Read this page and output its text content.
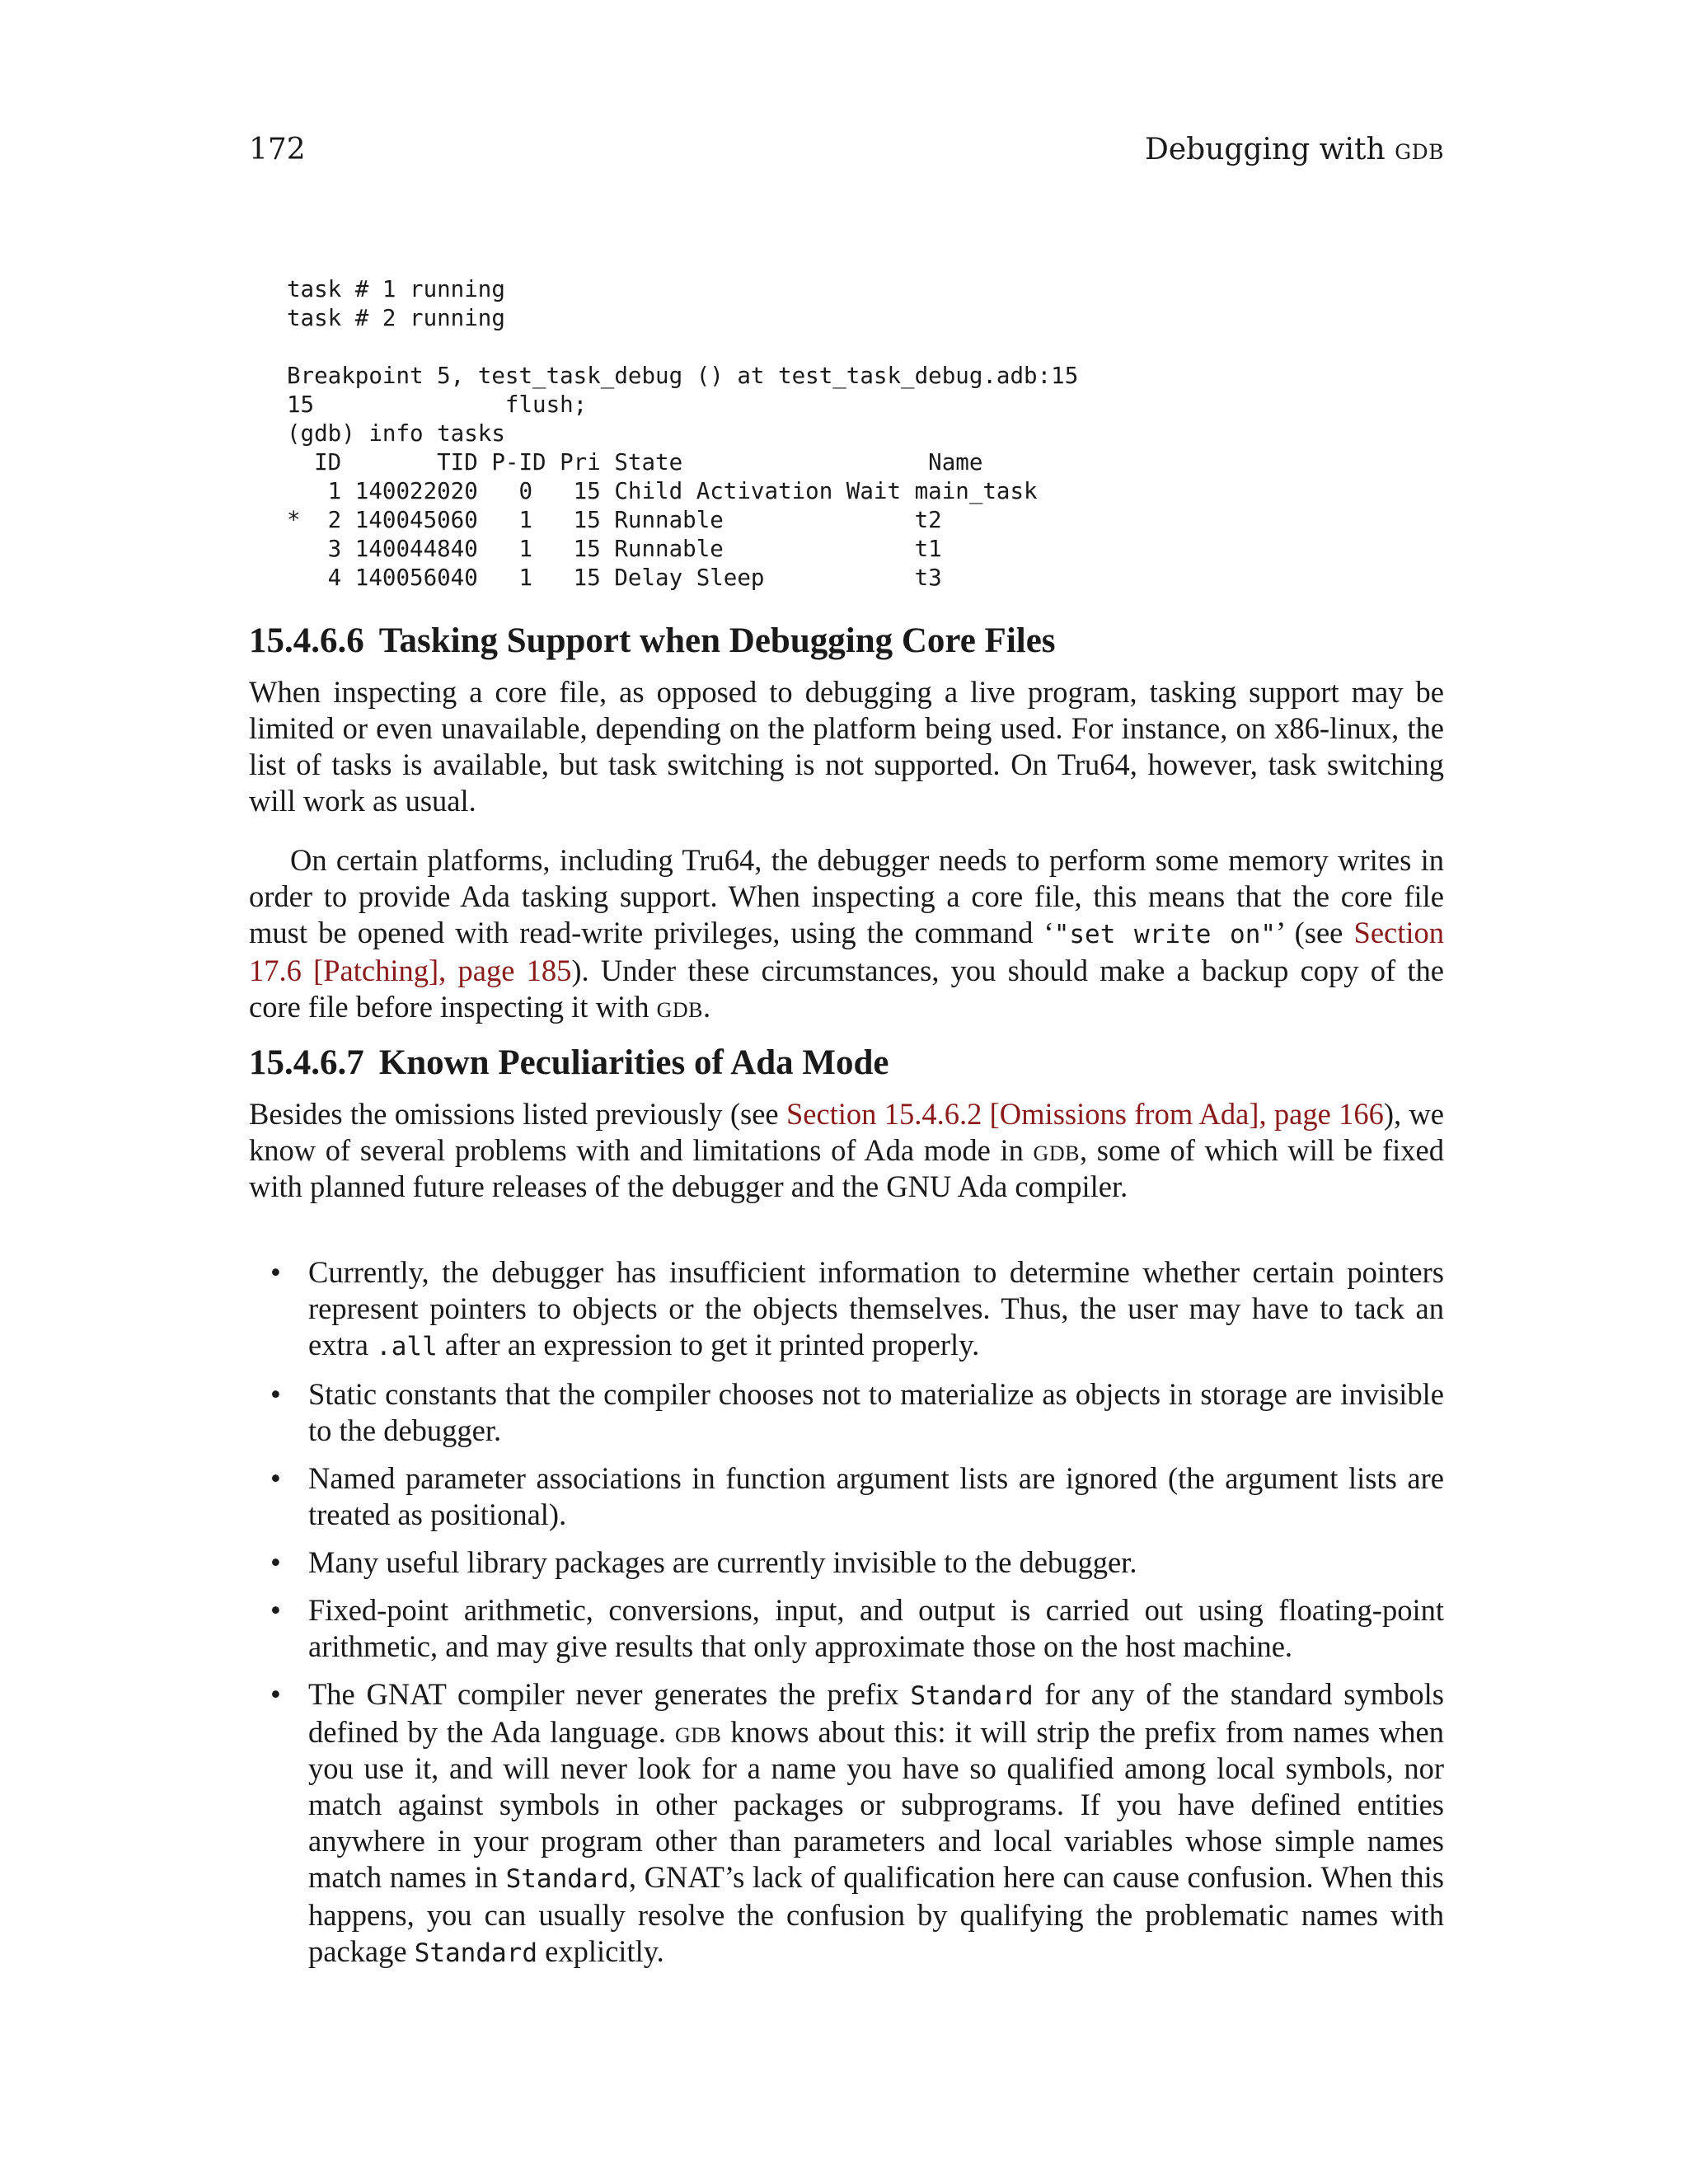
172	Debugging with gdb
task # 1 running
task # 2 running

Breakpoint 5, test_task_debug () at test_task_debug.adb:15
15              flush;
(gdb) info tasks
ID       TID P-ID Pri State                  Name
1 140022020   0   15 Child Activation Wait main_task
*  2 140045060   1   15 Runnable              t2
3 140044840   1   15 Runnable              t1
4 140056040   1   15 Delay Sleep           t3
15.4.6.6 Tasking Support when Debugging Core Files

When inspecting a core file, as opposed to debugging a live program, tasking support may be limited or even unavailable, depending on the platform being used. For instance, on x86-linux, the list of tasks is available, but task switching is not supported. On Tru64, however, task switching will work as usual.

On certain platforms, including Tru64, the debugger needs to perform some memory writes in order to provide Ada tasking support. When inspecting a core file, this means that the core file must be opened with read-write privileges, using the command ‘"set write on"’ (see Section 17.6 [Patching], page 185). Under these circumstances, you should make a backup copy of the core file before inspecting it with gdb.

15.4.6.7 Known Peculiarities of Ada Mode

Besides the omissions listed previously (see Section 15.4.6.2 [Omissions from Ada], page 166), we know of several problems with and limitations of Ada mode in gdb, some of which will be fixed with planned future releases of the debugger and the GNU Ada compiler.

• Currently, the debugger has insufficient information to determine whether certain pointers represent pointers to objects or the objects themselves. Thus, the user may have to tack an extra .all after an expression to get it printed properly.
• Static constants that the compiler chooses not to materialize as objects in storage are invisible to the debugger.
• Named parameter associations in function argument lists are ignored (the argument lists are treated as positional).
• Many useful library packages are currently invisible to the debugger.
• Fixed-point arithmetic, conversions, input, and output is carried out using floating-point arithmetic, and may give results that only approximate those on the host machine.
• The GNAT compiler never generates the prefix Standard for any of the standard symbols defined by the Ada language. gdb knows about this: it will strip the prefix from names when you use it, and will never look for a name you have so qualified among local symbols, nor match against symbols in other packages or subprograms. If you have defined entities anywhere in your program other than parameters and local variables whose simple names match names in Standard, GNAT’s lack of qualification here can cause confusion. When this happens, you can usually resolve the confusion by qualifying the problematic names with package Standard explicitly.
